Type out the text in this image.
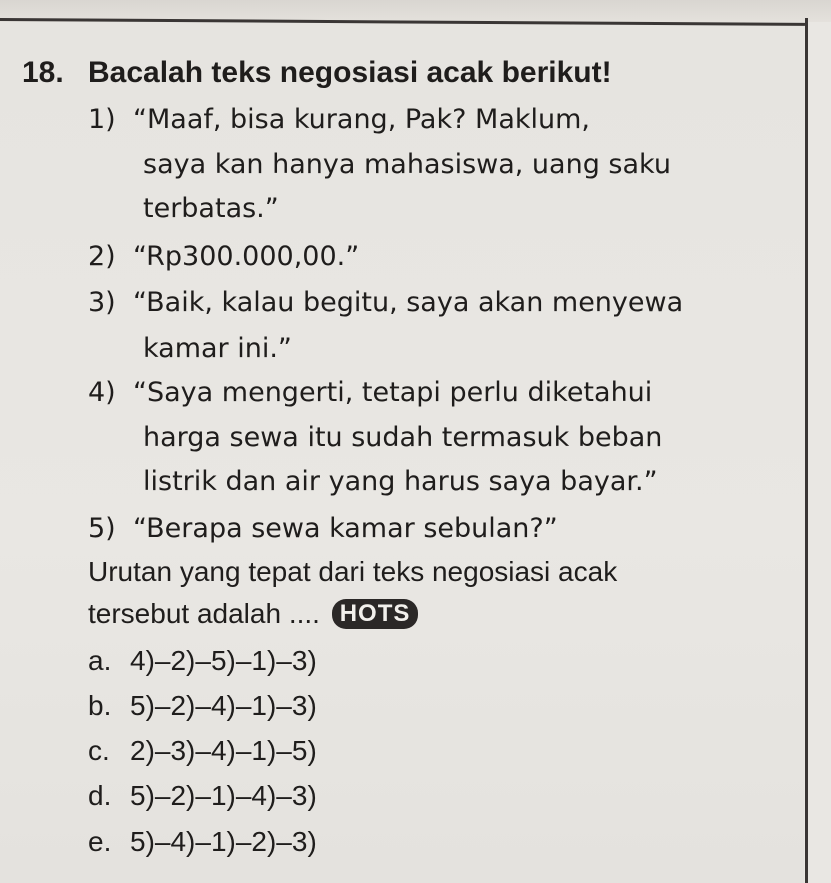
18. Bacalah teks negosiasi acak berikut!
1) “Maaf, bisa kurang, Pak? Maklum,
saya kan hanya mahasiswa, uang saku
terbatas.”
2) “Rp300.000,00.”
3) “Baik, kalau begitu, saya akan menyewa
kamar ini.”
4) “Saya mengerti, tetapi perlu diketahui
harga sewa itu sudah termasuk beban
listrik dan air yang harus saya bayar.”
5) “Berapa sewa kamar sebulan?”
Urutan yang tepat dari teks negosiasi acak
tersebut adalah .... HOTS
a. 4)–2)–5)–1)–3)
b. 5)–2)–4)–1)–3)
c. 2)–3)–4)–1)–5)
d. 5)–2)–1)–4)–3)
e. 5)–4)–1)–2)–3)
